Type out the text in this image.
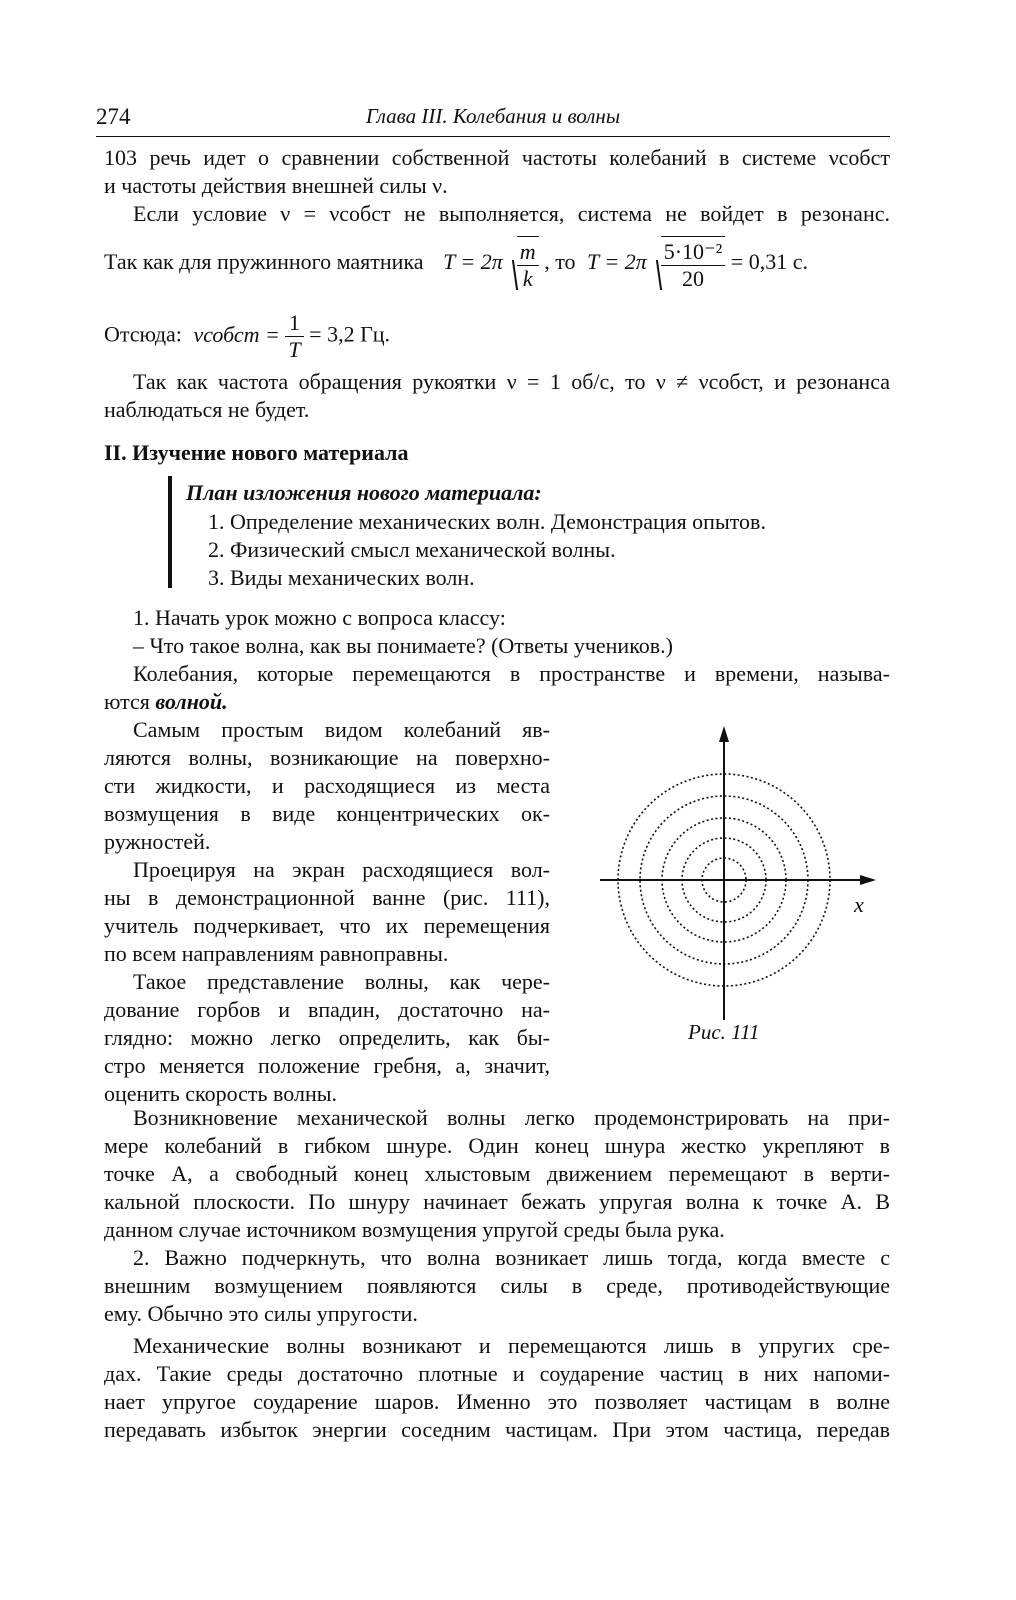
274	Глава III. Колебания и волны
103 речь идет о сравнении собственной частоты колебаний в системе νсобст
и частоты действия внешней силы ν.
Если условие ν = νсобст не выполняется, система не войдет в резонанс.
Так как для пружинного маятника $T = 2\pi \frac{m}{k}$ , то $T = 2\pi \frac{\text{5·10⁻²}}{20} = 0,31$ с.
Отсюда: νсобст = $\frac{1}{T} = 3,2$ Гц.
Так как частота обращения рукоятки ν = 1 об/с, то ν ≠ νсобст, и резонанса
наблюдаться не будет.
II. Изучение нового материала
План изложения нового материала:
1. Определение механических волн. Демонстрация опытов.
2. Физический смысл механической волны.
3. Виды механических волн.
1. Начать урок можно с вопроса классу:
– Что такое волна, как вы понимаете? (Ответы учеников.)
Колебания, которые перемещаются в пространстве и времени, называ-
ются волной.
Самым простым видом колебаний яв-
ляются волны, возникающие на поверхно-
сти жидкости, и расходящиеся из места
возмущения в виде концентрических ок-
ружностей.
Проецируя на экран расходящиеся вол-
ны в демонстрационной ванне (рис. 111),
учитель подчеркивает, что их перемещения
по всем направлениям равноправны.
Такое представление волны, как чере-
дование горбов и впадин, достаточно на-
глядно: можно легко определить, как бы-
стро меняется положение гребня, а, значит,
оценить скорость волны.
x
Рис. 111
Возникновение механической волны легко продемонстрировать на при-
мере колебаний в гибком шнуре. Один конец шнура жестко укрепляют в
точке А, а свободный конец хлыстовым движением перемещают в верти-
кальной плоскости. По шнуру начинает бежать упругая волна к точке А. В
данном случае источником возмущения упругой среды была рука.
2. Важно подчеркнуть, что волна возникает лишь тогда, когда вместе с
внешним возмущением появляются силы в среде, противодействующие
ему. Обычно это силы упругости.
Механические волны возникают и перемещаются лишь в упругих сре-
дах. Такие среды достаточно плотные и соударение частиц в них напоми-
нает упругое соударение шаров. Именно это позволяет частицам в волне
передавать избыток энергии соседним частицам. При этом частица, передав
